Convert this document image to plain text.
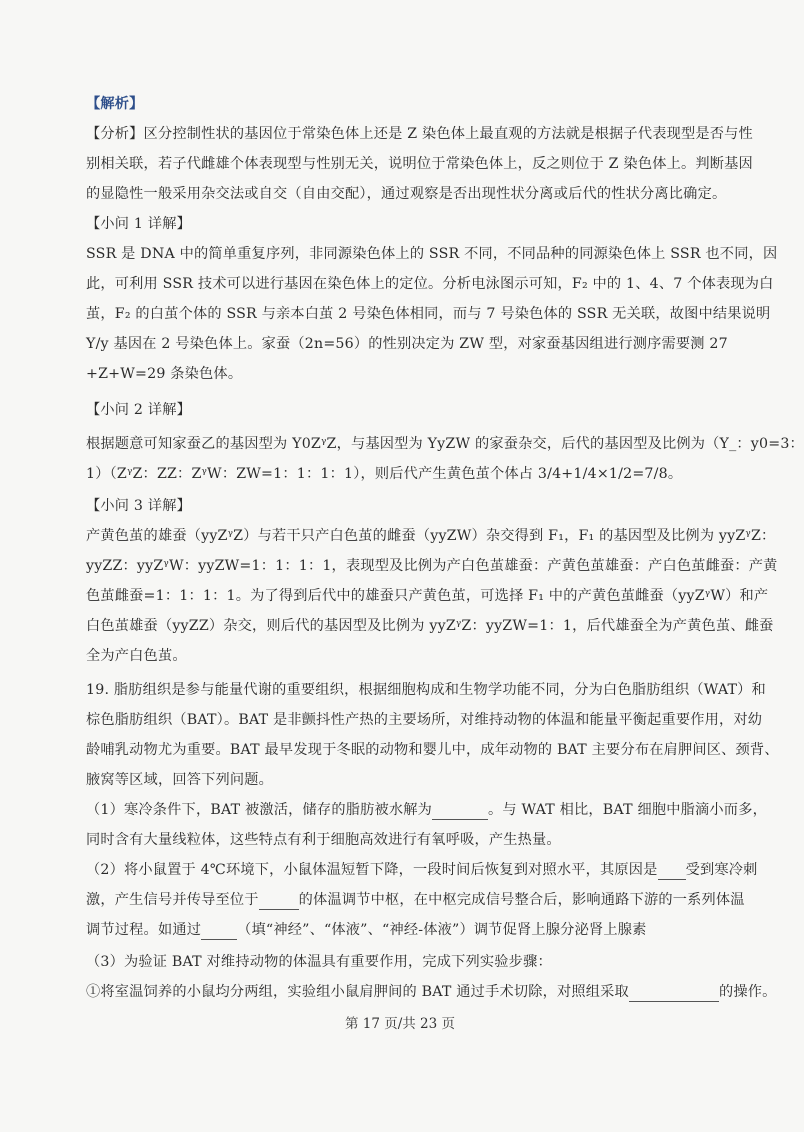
【解析】
【分析】区分控制性状的基因位于常染色体上还是 Z 染色体上最直观的方法就是根据子代表现型是否与性
别相关联，若子代雌雄个体表现型与性别无关，说明位于常染色体上，反之则位于 Z 染色体上。判断基因
的显隐性一般采用杂交法或自交（自由交配），通过观察是否出现性状分离或后代的性状分离比确定。
【小问 1 详解】
SSR 是 DNA 中的简单重复序列，非同源染色体上的 SSR 不同，不同品种的同源染色体上 SSR 也不同，因
此，可利用 SSR 技术可以进行基因在染色体上的定位。分析电泳图示可知，F₂ 中的 1、4、7 个体表现为白
茧，F₂ 的白茧个体的 SSR 与亲本白茧 2 号染色体相同，而与 7 号染色体的 SSR 无关联，故图中结果说明
Y/y 基因在 2 号染色体上。家蚕（2n=56）的性别决定为 ZW 型，对家蚕基因组进行测序需要测 27
+Z+W=29 条染色体。
【小问 2 详解】
根据题意可知家蚕乙的基因型为 Y0ZᵞZ，与基因型为 YyZW 的家蚕杂交，后代的基因型及比例为（Y_：y0=3：
1）（ZᵞZ：ZZ：ZᵞW：ZW=1：1：1：1），则后代产生黄色茧个体占 3/4+1/4×1/2=7/8。
【小问 3 详解】
产黄色茧的雄蚕（yyZᵞZ）与若干只产白色茧的雌蚕（yyZW）杂交得到 F₁，F₁ 的基因型及比例为 yyZᵞZ：
yyZZ：yyZᵞW：yyZW=1：1：1：1，表现型及比例为产白色茧雄蚕：产黄色茧雄蚕：产白色茧雌蚕：产黄
色茧雌蚕=1：1：1：1。为了得到后代中的雄蚕只产黄色茧，可选择 F₁ 中的产黄色茧雌蚕（yyZᵞW）和产
白色茧雄蚕（yyZZ）杂交，则后代的基因型及比例为 yyZᵞZ：yyZW=1：1，后代雄蚕全为产黄色茧、雌蚕
全为产白色茧。
19. 脂肪组织是参与能量代谢的重要组织，根据细胞构成和生物学功能不同，分为白色脂肪组织（WAT）和
棕色脂肪组织（BAT）。BAT 是非颤抖性产热的主要场所，对维持动物的体温和能量平衡起重要作用，对幼
龄哺乳动物尤为重要。BAT 最早发现于冬眠的动物和婴儿中，成年动物的 BAT 主要分布在肩胛间区、颈背、
腋窝等区域，回答下列问题。
（1）寒冷条件下，BAT 被激活，储存的脂肪被水解为	。与 WAT 相比，BAT 细胞中脂滴小而多，
同时含有大量线粒体，这些特点有利于细胞高效进行有氧呼吸，产生热量。
（2）将小鼠置于 4℃环境下，小鼠体温短暂下降，一段时间后恢复到对照水平，其原因是 受到寒冷刺
激，产生信号并传导至位于	的体温调节中枢，在中枢完成信号整合后，影响通路下游的一系列体温
调节过程。如通过	（填“神经”、“体液”、“神经-体液”）调节促肾上腺分泌肾上腺素
（3）为验证 BAT 对维持动物的体温具有重要作用，完成下列实验步骤：
①将室温饲养的小鼠均分两组，实验组小鼠肩胛间的 BAT 通过手术切除，对照组采取	的操作。
第 17 页/共 23 页
